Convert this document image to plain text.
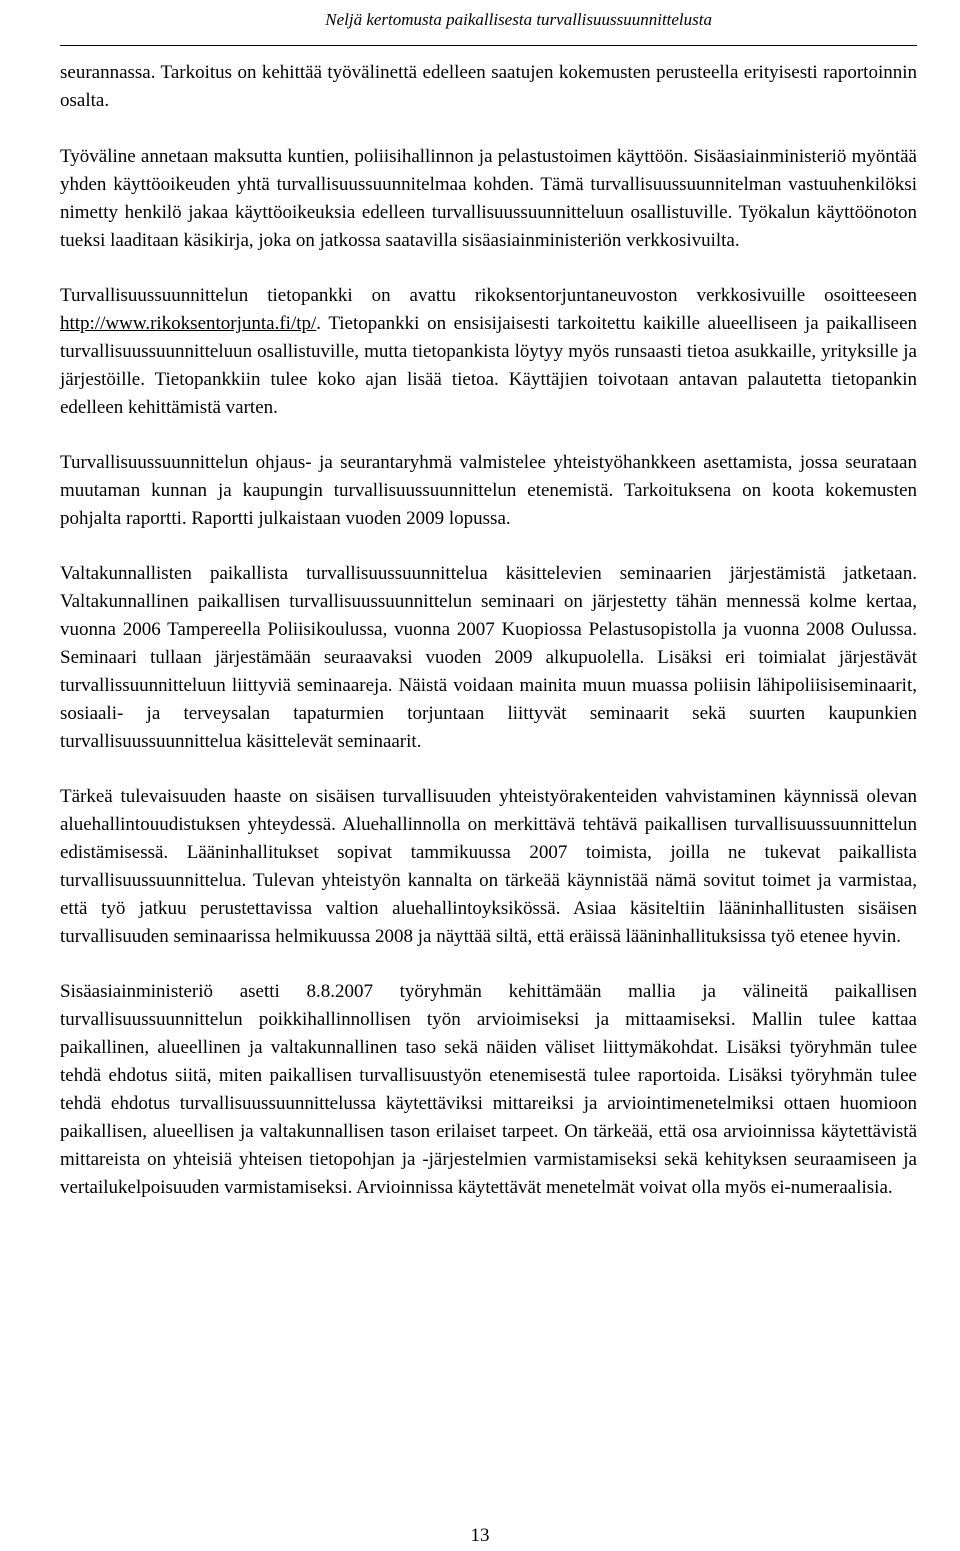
Neljä kertomusta paikallisesta turvallisuussuunnittelusta

seurannassa. Tarkoitus on kehittää työvälinettä edelleen saatujen kokemusten perusteella erityisesti raportoinnin osalta.

Työväline annetaan maksutta kuntien, poliisihallinnon ja pelastustoimen käyttöön. Sisäasiainministeriö myöntää yhden käyttöoikeuden yhtä turvallisuussuunnitelmaa kohden. Tämä turvallisuussuunnitelman vastuuhenkilöksi nimetty henkilö jakaa käyttöoikeuksia edelleen turvallisuussuunnitteluun osallistuville. Työkalun käyttöönoton tueksi laaditaan käsikirja, joka on jatkossa saatavilla sisäasiainministeriön verkkosivuilta.

Turvallisuussuunnittelun tietopankki on avattu rikoksentorjuntaneuvoston verkkosivuille osoitteeseen http://www.rikoksentorjunta.fi/tp/. Tietopankki on ensisijaisesti tarkoitettu kaikille alueelliseen ja paikalliseen turvallisuussuunnitteluun osallistuville, mutta tietopankista löytyy myös runsaasti tietoa asukkaille, yrityksille ja järjestöille. Tietopankkiin tulee koko ajan lisää tietoa. Käyttäjien toivotaan antavan palautetta tietopankin edelleen kehittämistä varten.

Turvallisuussuunnittelun ohjaus- ja seurantaryhmä valmistelee yhteistyöhankkeen asettamista, jossa seurataan muutaman kunnan ja kaupungin turvallisuussuunnittelun etenemistä. Tarkoituksena on koota kokemusten pohjalta raportti. Raportti julkaistaan vuoden 2009 lopussa.

Valtakunnallisten paikallista turvallisuussuunnittelua käsittelevien seminaarien järjestämistä jatketaan. Valtakunnallinen paikallisen turvallisuussuunnittelun seminaari on järjestetty tähän mennessä kolme kertaa, vuonna 2006 Tampereella Poliisikoulussa, vuonna 2007 Kuopiossa Pelastusopistolla ja vuonna 2008 Oulussa. Seminaari tullaan järjestämään seuraavaksi vuoden 2009 alkupuolella. Lisäksi eri toimialat järjestävät turvallissuunnitteluun liittyviä seminaareja. Näistä voidaan mainita muun muassa poliisin lähipoliisiseminaarit, sosiaali- ja terveysalan tapaturmien torjuntaan liittyvät seminaarit sekä suurten kaupunkien turvallisuussuunnittelua käsittelevät seminaarit.

Tärkeä tulevaisuuden haaste on sisäisen turvallisuuden yhteistyörakenteiden vahvistaminen käynnissä olevan aluehallintouudistuksen yhteydessä. Aluehallinnolla on merkittävä tehtävä paikallisen turvallisuussuunnittelun edistämisessä. Lääninhallitukset sopivat tammikuussa 2007 toimista, joilla ne tukevat paikallista turvallisuussuunnittelua. Tulevan yhteistyön kannalta on tärkeää käynnistää nämä sovitut toimet ja varmistaa, että työ jatkuu perustettavissa valtion aluehallintoyksikössä. Asiaa käsiteltiin lääninhallitusten sisäisen turvallisuuden seminaarissa helmikuussa 2008 ja näyttää siltä, että eräissä lääninhallituksissa työ etenee hyvin.

Sisäasiainministeriö asetti 8.8.2007 työryhmän kehittämään mallia ja välineitä paikallisen turvallisuussuunnittelun poikkihallinnollisen työn arvioimiseksi ja mittaamiseksi. Mallin tulee kattaa paikallinen, alueellinen ja valtakunnallinen taso sekä näiden väliset liittymäkohdat. Lisäksi työryhmän tulee tehdä ehdotus siitä, miten paikallisen turvallisuustyön etenemisestä tulee raportoida. Lisäksi työryhmän tulee tehdä ehdotus turvallisuussuunnittelussa käytettäviksi mittareiksi ja arviointimenetelmiksi ottaen huomioon paikallisen, alueellisen ja valtakunnallisen tason erilaiset tarpeet. On tärkeää, että osa arvioinnissa käytettävistä mittareista on yhteisiä yhteisen tietopohjan ja -järjestelmien varmistamiseksi sekä kehityksen seuraamiseen ja vertailukelpoisuuden varmistamiseksi. Arvioinnissa käytettävät menetelmät voivat olla myös ei-numeraalisia.

13
